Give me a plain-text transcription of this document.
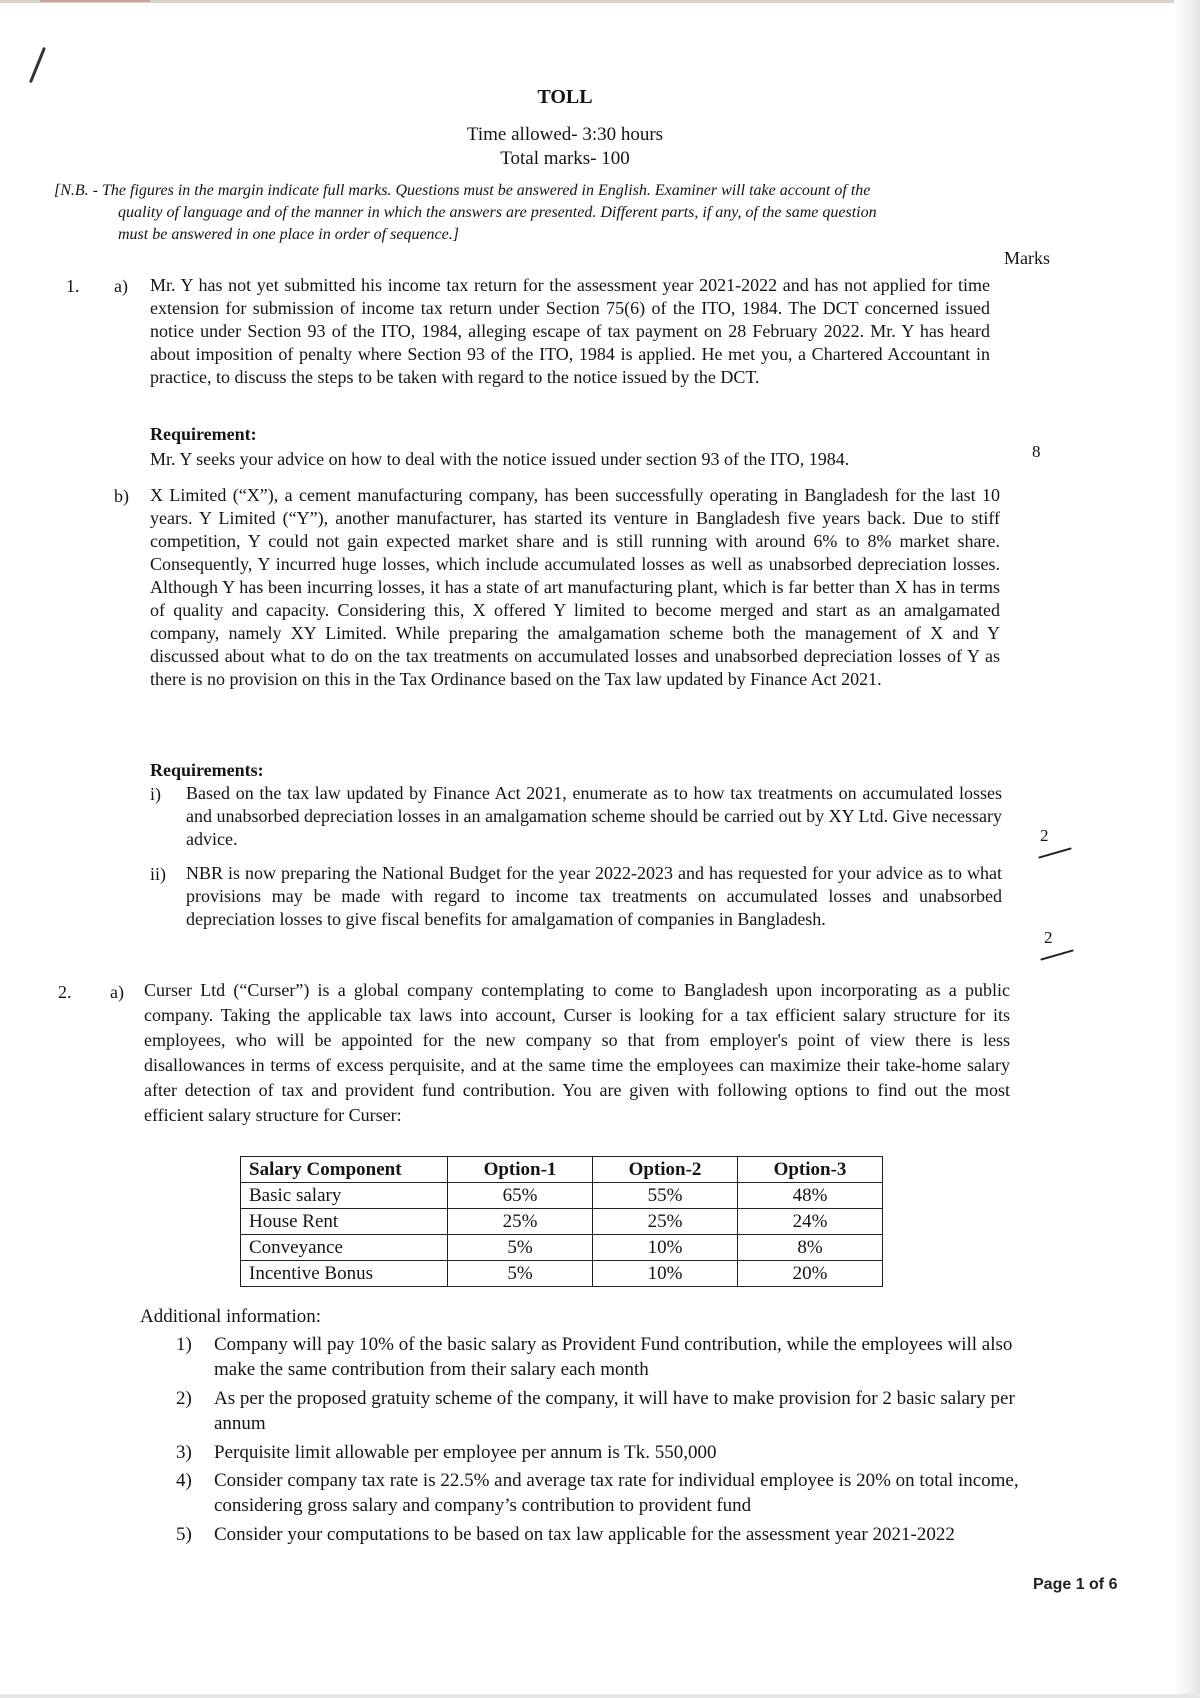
TOLL
Time allowed- 3:30 hours
Total marks- 100
[N.B. - The figures in the margin indicate full marks. Questions must be answered in English. Examiner will take account of the
quality of language and of the manner in which the answers are presented. Different parts, if any, of the same question
must be answered in one place in order of sequence.]
Marks
1. a) Mr. Y has not yet submitted his income tax return for the assessment year 2021-2022 and has not applied for time extension for submission of income tax return under Section 75(6) of the ITO, 1984. The DCT concerned issued notice under Section 93 of the ITO, 1984, alleging escape of tax payment on 28 February 2022. Mr. Y has heard about imposition of penalty where Section 93 of the ITO, 1984 is applied. He met you, a Chartered Accountant in practice, to discuss the steps to be taken with regard to the notice issued by the DCT.
Requirement:
Mr. Y seeks your advice on how to deal with the notice issued under section 93 of the ITO, 1984.	8
b) X Limited (“X”), a cement manufacturing company, has been successfully operating in Bangladesh for the last 10 years. Y Limited (“Y”), another manufacturer, has started its venture in Bangladesh five years back. Due to stiff competition, Y could not gain expected market share and is still running with around 6% to 8% market share. Consequently, Y incurred huge losses, which include accumulated losses as well as unabsorbed depreciation losses. Although Y has been incurring losses, it has a state of art manufacturing plant, which is far better than X has in terms of quality and capacity. Considering this, X offered Y limited to become merged and start as an amalgamated company, namely XY Limited. While preparing the amalgamation scheme both the management of X and Y discussed about what to do on the tax treatments on accumulated losses and unabsorbed depreciation losses of Y as there is no provision on this in the Tax Ordinance based on the Tax law updated by Finance Act 2021.
Requirements:
i) Based on the tax law updated by Finance Act 2021, enumerate as to how tax treatments on accumulated losses and unabsorbed depreciation losses in an amalgamation scheme should be carried out by XY Ltd. Give necessary advice.	2
ii) NBR is now preparing the National Budget for the year 2022-2023 and has requested for your advice as to what provisions may be made with regard to income tax treatments on accumulated losses and unabsorbed depreciation losses to give fiscal benefits for amalgamation of companies in Bangladesh.
2
2. a) Curser Ltd (“Curser”) is a global company contemplating to come to Bangladesh upon incorporating as a public company. Taking the applicable tax laws into account, Curser is looking for a tax efficient salary structure for its employees, who will be appointed for the new company so that from employer's point of view there is less disallowances in terms of excess perquisite, and at the same time the employees can maximize their take-home salary after detection of tax and provident fund contribution. You are given with following options to find out the most efficient salary structure for Curser:
Salary Component	Option-1	Option-2	Option-3
Basic salary	65%	55%	48%
House Rent	25%	25%	24%
Conveyance	5%	10%	8%
Incentive Bonus	5%	10%	20%
Additional information:
1) Company will pay 10% of the basic salary as Provident Fund contribution, while the employees will also make the same contribution from their salary each month
2) As per the proposed gratuity scheme of the company, it will have to make provision for 2 basic salary per annum
3) Perquisite limit allowable per employee per annum is Tk. 550,000
4) Consider company tax rate is 22.5% and average tax rate for individual employee is 20% on total income, considering gross salary and company’s contribution to provident fund
5) Consider your computations to be based on tax law applicable for the assessment year 2021-2022
Page 1 of 6
